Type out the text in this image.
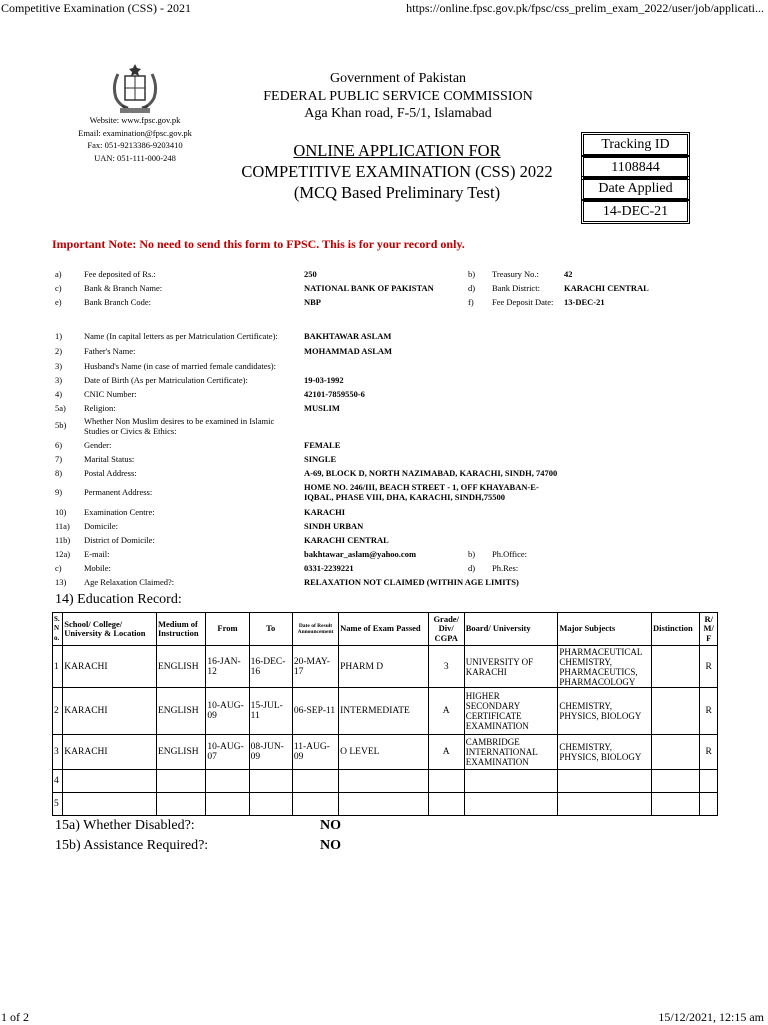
Competitive Examination (CSS) - 2021	https://online.fpsc.gov.pk/fpsc/css_prelim_exam_2022/user/job/applicati...
1 of 2	15/12/2021, 12:15 am
Website: www.fpsc.gov.pk
Email: examination@fpsc.gov.pk
Fax: 051-9213386-9203410
UAN: 051-111-000-248
Government of Pakistan
FEDERAL PUBLIC SERVICE COMMISSION
Aga Khan road, F-5/1, Islamabad
ONLINE APPLICATION FOR
COMPETITIVE EXAMINATION (CSS) 2022
(MCQ Based Preliminary Test)
Tracking ID
1108844
Date Applied
14-DEC-21
Important Note: No need to send this form to FPSC. This is for your record only.
a)	Fee deposited of Rs.:	250	b) Treasury No.:	42
c)	Bank & Branch Name:	NATIONAL BANK OF PAKISTAN	d) Bank District:	KARACHI CENTRAL
e)	Bank Branch Code:	NBP	f) Fee Deposit Date: 13-DEC-21
1)	Name (In capital letters as per Matriculation Certificate):	BAKHTAWAR ASLAM
2)	Father's Name:	MOHAMMAD ASLAM
3)	Husband's Name (in case of married female candidates):
3)	Date of Birth (As per Matriculation Certificate):	19-03-1992
4)	CNIC Number:	42101-7859550-6
5a) Religion:	MUSLIM
5b) Whether Non Muslim desires to be examined in Islamic Studies or Civics & Ethics:
6)	Gender:	FEMALE
7)	Marital Status:	SINGLE
8)	Postal Address:	A-69, BLOCK D, NORTH NAZIMABAD, KARACHI, SINDH, 74700
9)	Permanent Address:	HOME NO. 246/III, BEACH STREET - 1, OFF KHAYABAN-E-IQBAL, PHASE VIII, DHA, KARACHI, SINDH,75500
10) Examination Centre:	KARACHI
11a) Domicile:	SINDH URBAN
11b) District of Domicile:	KARACHI CENTRAL
12a) E-mail:	bakhtawar_aslam@yahoo.com	b) Ph.Office:
c)	Mobile:	0331-2239221	d) Ph.Res:
13) Age Relaxation Claimed?:	RELAXATION NOT CLAIMED (WITHIN AGE LIMITS)
14) Education Record:
S. N o.	School/ College/ University & Location	Medium of Instruction	From	To	Date of Result Announcement	Name of Exam Passed	Grade/ Div/ CGPA	Board/ University	Major Subjects	Distinction	R/ M/ F
1	KARACHI	ENGLISH	16-JAN-12	16-DEC-16	20-MAY-17	PHARM D	3	UNIVERSITY OF KARACHI	PHARMACEUTICAL CHEMISTRY, PHARMACEUTICS, PHARMACOLOGY		R
2	KARACHI	ENGLISH	10-AUG-09	15-JUL-11	06-SEP-11	INTERMEDIATE	A	HIGHER SECONDARY CERTIFICATE EXAMINATION	CHEMISTRY, PHYSICS, BIOLOGY		R
3	KARACHI	ENGLISH	10-AUG-07	08-JUN-09	11-AUG-09	O LEVEL	A	CAMBRIDGE INTERNATIONAL EXAMINATION	CHEMISTRY, PHYSICS, BIOLOGY		R
4											
5											
15a) Whether Disabled?:	NO
15b) Assistance Required?:	NO
